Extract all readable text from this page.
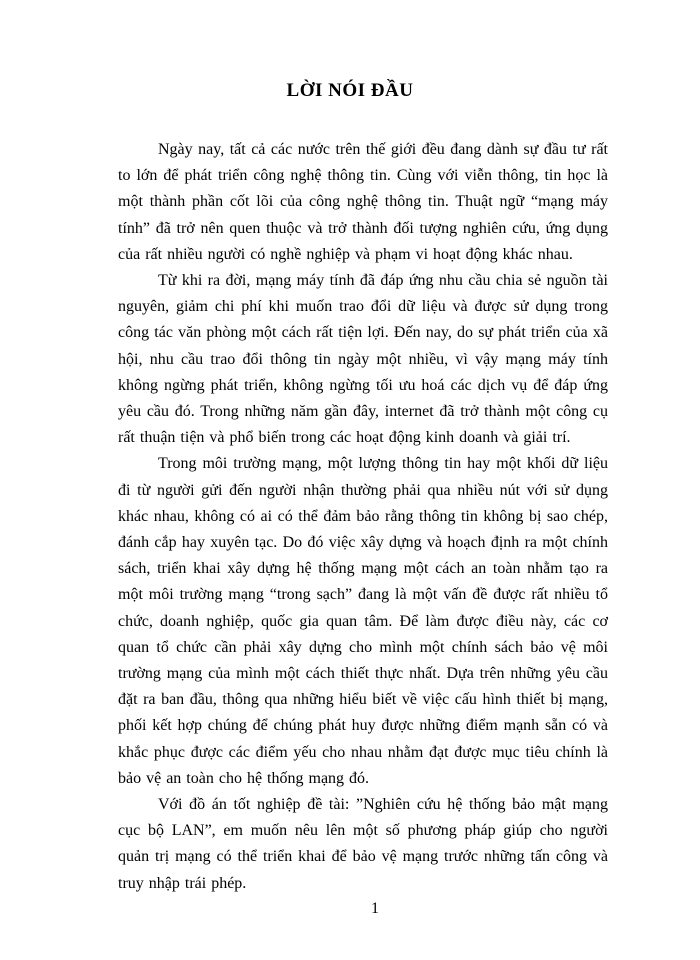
LỜI NÓI ĐẦU

Ngày nay, tất cả các nước trên thế giới đều đang dành sự đầu tư rất to lớn để phát triển công nghệ thông tin. Cùng với viễn thông, tin học là một thành phần cốt lõi của công nghệ thông tin. Thuật ngữ “mạng máy tính” đã trở nên quen thuộc và trở thành đối tượng nghiên cứu, ứng dụng của rất nhiều người có nghề nghiệp và phạm vi hoạt động khác nhau.

Từ khi ra đời, mạng máy tính đã đáp ứng nhu cầu chia sẻ nguồn tài nguyên, giảm chi phí khi muốn trao đổi dữ liệu và được sử dụng trong công tác văn phòng một cách rất tiện lợi. Đến nay, do sự phát triển của xã hội, nhu cầu trao đổi thông tin ngày một nhiều, vì vậy mạng máy tính không ngừng phát triển, không ngừng tối ưu hoá các dịch vụ để đáp ứng yêu cầu đó. Trong những năm gần đây, internet đã trở thành một công cụ rất thuận tiện và phổ biến trong các hoạt động kinh doanh và giải trí.

Trong môi trường mạng, một lượng thông tin hay một khối dữ liệu đi từ người gửi đến người nhận thường phải qua nhiều nút với sử dụng khác nhau, không có ai có thể đảm bảo rằng thông tin không bị sao chép, đánh cắp hay xuyên tạc. Do đó việc xây dựng và hoạch định ra một chính sách, triển khai xây dựng hệ thống mạng một cách an toàn nhằm tạo ra một môi trường mạng “trong sạch” đang là một vấn đề được rất nhiều tổ chức, doanh nghiệp, quốc gia quan tâm. Để làm được điều này, các cơ quan tổ chức cần phải xây dựng cho mình một chính sách bảo vệ môi trường mạng của mình một cách thiết thực nhất. Dựa trên những yêu cầu đặt ra ban đầu, thông qua những hiểu biết về việc cấu hình thiết bị mạng, phối kết hợp chúng để chúng phát huy được những điểm mạnh sẵn có và khắc phục được các điểm yếu cho nhau nhằm đạt được mục tiêu chính là bảo vệ an toàn cho hệ thống mạng đó.

Với đồ án tốt nghiệp đề tài: ”Nghiên cứu hệ thống bảo mật mạng cục bộ LAN”, em muốn nêu lên một số phương pháp giúp cho người quản trị mạng có thể triển khai để bảo vệ mạng trước những tấn công và truy nhập trái phép.

1
